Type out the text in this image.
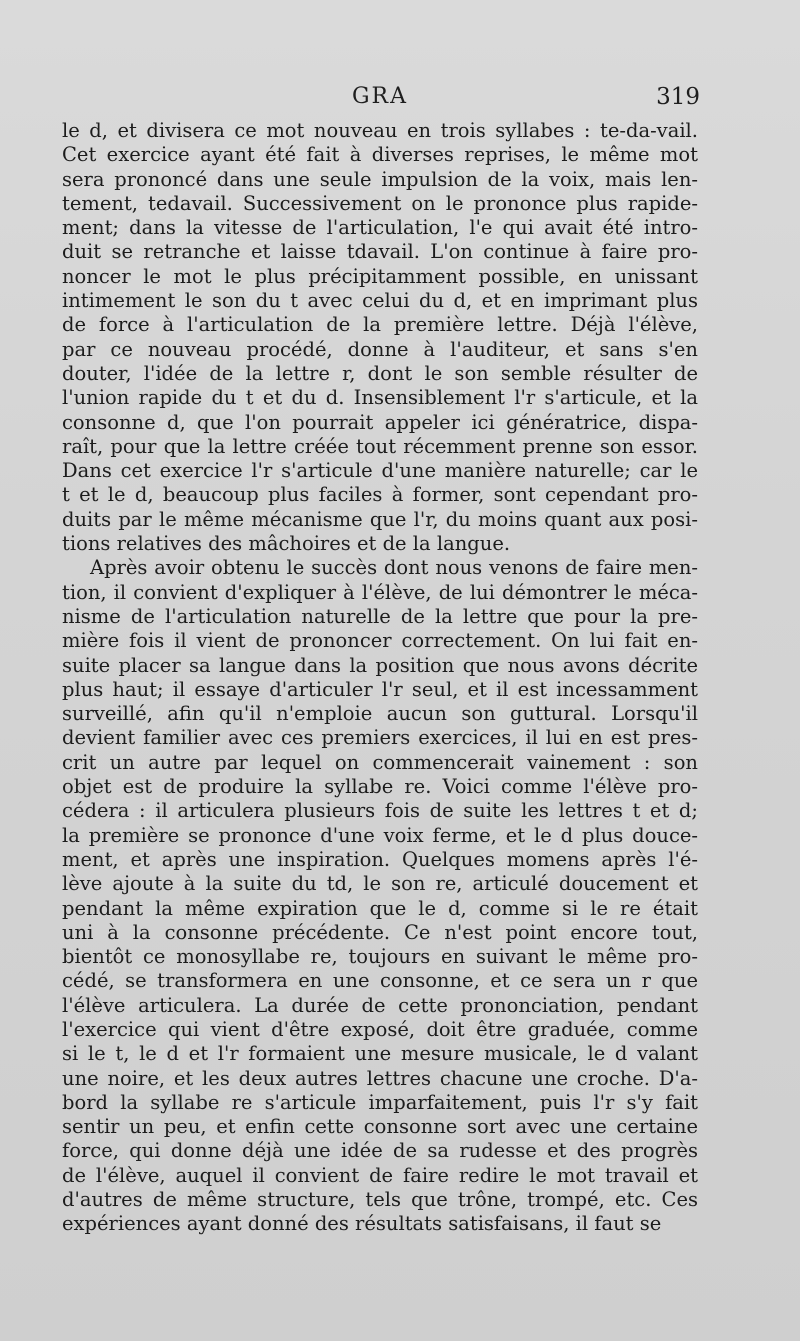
GRA	319
le d, et divisera ce mot nouveau en trois syllabes : te-da-vail.
Cet exercice ayant été fait à diverses reprises, le même mot
sera prononcé dans une seule impulsion de la voix, mais len-
tement, tedavail. Successivement on le prononce plus rapide-
ment; dans la vitesse de l'articulation, l'e qui avait été intro-
duit se retranche et laisse tdavail. L'on continue à faire pro-
noncer le mot le plus précipitamment possible, en unissant
intimement le son du t avec celui du d, et en imprimant plus
de force à l'articulation de la première lettre. Déjà l'élève,
par ce nouveau procédé, donne à l'auditeur, et sans s'en
douter, l'idée de la lettre r, dont le son semble résulter de
l'union rapide du t et du d. Insensiblement l'r s'articule, et la
consonne d, que l'on pourrait appeler ici génératrice, dispa-
raît, pour que la lettre créée tout récemment prenne son essor.
Dans cet exercice l'r s'articule d'une manière naturelle; car le
t et le d, beaucoup plus faciles à former, sont cependant pro-
duits par le même mécanisme que l'r, du moins quant aux posi-
tions relatives des mâchoires et de la langue.
Après avoir obtenu le succès dont nous venons de faire men-
tion, il convient d'expliquer à l'élève, de lui démontrer le méca-
nisme de l'articulation naturelle de la lettre que pour la pre-
mière fois il vient de prononcer correctement. On lui fait en-
suite placer sa langue dans la position que nous avons décrite
plus haut; il essaye d'articuler l'r seul, et il est incessamment
surveillé, afin qu'il n'emploie aucun son guttural. Lorsqu'il
devient familier avec ces premiers exercices, il lui en est pres-
crit un autre par lequel on commencerait vainement : son
objet est de produire la syllabe re. Voici comme l'élève pro-
cédera : il articulera plusieurs fois de suite les lettres t et d;
la première se prononce d'une voix ferme, et le d plus douce-
ment, et après une inspiration. Quelques momens après l'é-
lève ajoute à la suite du td, le son re, articulé doucement et
pendant la même expiration que le d, comme si le re était
uni à la consonne précédente. Ce n'est point encore tout,
bientôt ce monosyllabe re, toujours en suivant le même pro-
cédé, se transformera en une consonne, et ce sera un r que
l'élève articulera. La durée de cette prononciation, pendant
l'exercice qui vient d'être exposé, doit être graduée, comme
si le t, le d et l'r formaient une mesure musicale, le d valant
une noire, et les deux autres lettres chacune une croche. D'a-
bord la syllabe re s'articule imparfaitement, puis l'r s'y fait
sentir un peu, et enfin cette consonne sort avec une certaine
force, qui donne déjà une idée de sa rudesse et des progrès
de l'élève, auquel il convient de faire redire le mot travail et
d'autres de même structure, tels que trône, trompé, etc. Ces
expériences ayant donné des résultats satisfaisans, il faut se
